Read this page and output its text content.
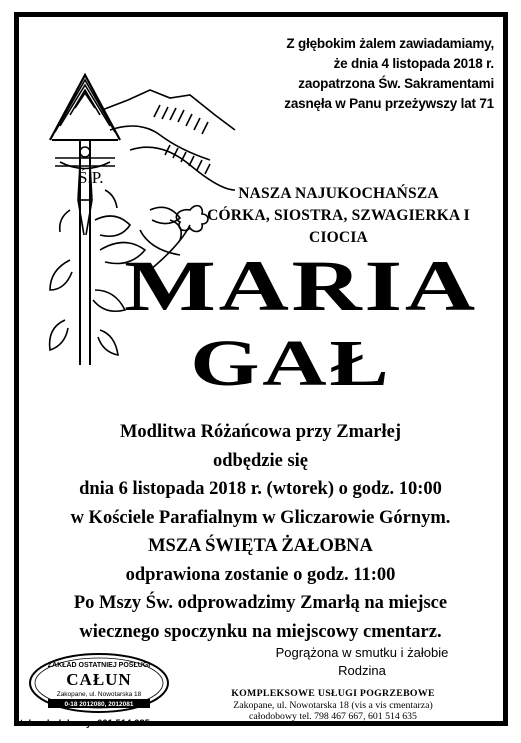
Z głębokim żalem zawiadamiamy,
że dnia 4 listopada 2018 r.
zaopatrzona Św. Sakramentami
zasnęła w Panu przeżywszy lat 71
Ś.P.
NASZA NAJUKOCHAŃSZA
CÓRKA, SIOSTRA, SZWAGIERKA I CIOCIA
MARIA
GAŁ
Modlitwa Różańcowa przy Zmarłej
odbędzie się
dnia 6 listopada 2018 r. (wtorek) o godz. 10:00
w Kościele Parafialnym w Gliczarowie Górnym.
MSZA ŚWIĘTA ŻAŁOBNA
odprawiona zostanie o godz. 11:00
Po Mszy Św. odprowadzimy Zmarłą na miejsce
wiecznego spoczynku na miejscowy cmentarz.
Pogrążona w smutku i żałobie
Rodzina
ZAKŁAD OSTATNIEJ POSŁUGI
CAŁUN
Zakopane, ul. Nowotarska 18
0-18 2012080, 2012081
KOMPLEKSOWE USŁUGI POGRZEBOWE
Zakopane, ul. Nowotarska 18 (vis a vis cmentarza)
całodobowy tel. 798 467 667, 601 514 635
tel. całodobowy: 601 514 635
